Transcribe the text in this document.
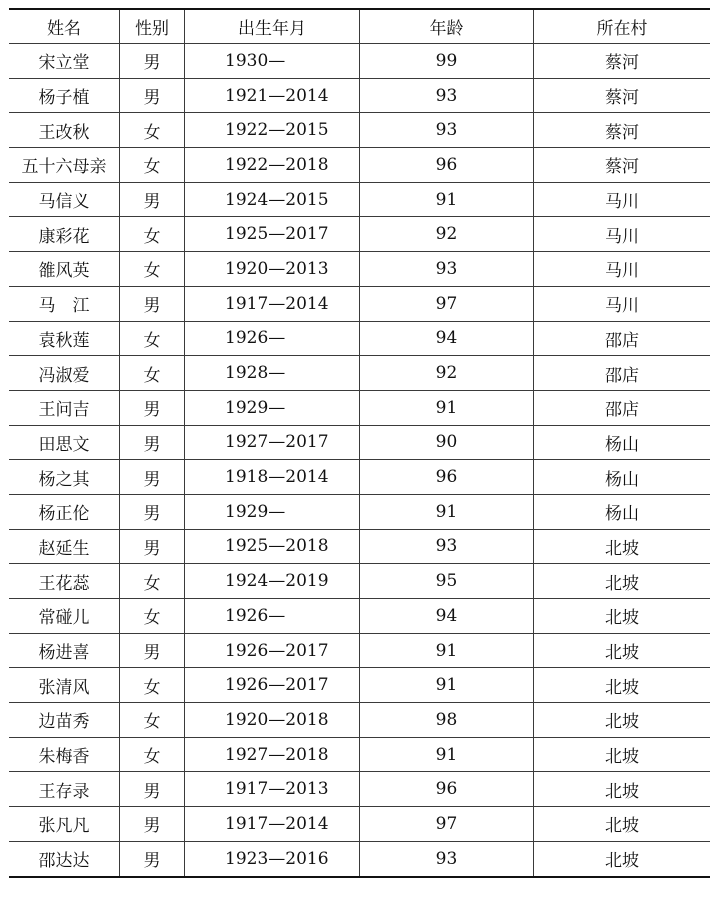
姓名	性别	出生年月	年龄	所在村
宋立堂	男	1930—	99	蔡河
杨子植	男	1921—2014	93	蔡河
王改秋	女	1922—2015	93	蔡河
五十六母亲	女	1922—2018	96	蔡河
马信义	男	1924—2015	91	马川
康彩花	女	1925—2017	92	马川
雒风英	女	1920—2013	93	马川
马　江	男	1917—2014	97	马川
袁秋莲	女	1926—	94	邵店
冯淑爱	女	1928—	92	邵店
王问吉	男	1929—	91	邵店
田思文	男	1927—2017	90	杨山
杨之其	男	1918—2014	96	杨山
杨正伦	男	1929—	91	杨山
赵延生	男	1925—2018	93	北坡
王花蕊	女	1924—2019	95	北坡
常碰儿	女	1926—	94	北坡
杨进喜	男	1926—2017	91	北坡
张清风	女	1926—2017	91	北坡
边苗秀	女	1920—2018	98	北坡
朱梅香	女	1927—2018	91	北坡
王存录	男	1917—2013	96	北坡
张凡凡	男	1917—2014	97	北坡
邵达达	男	1923—2016	93	北坡
